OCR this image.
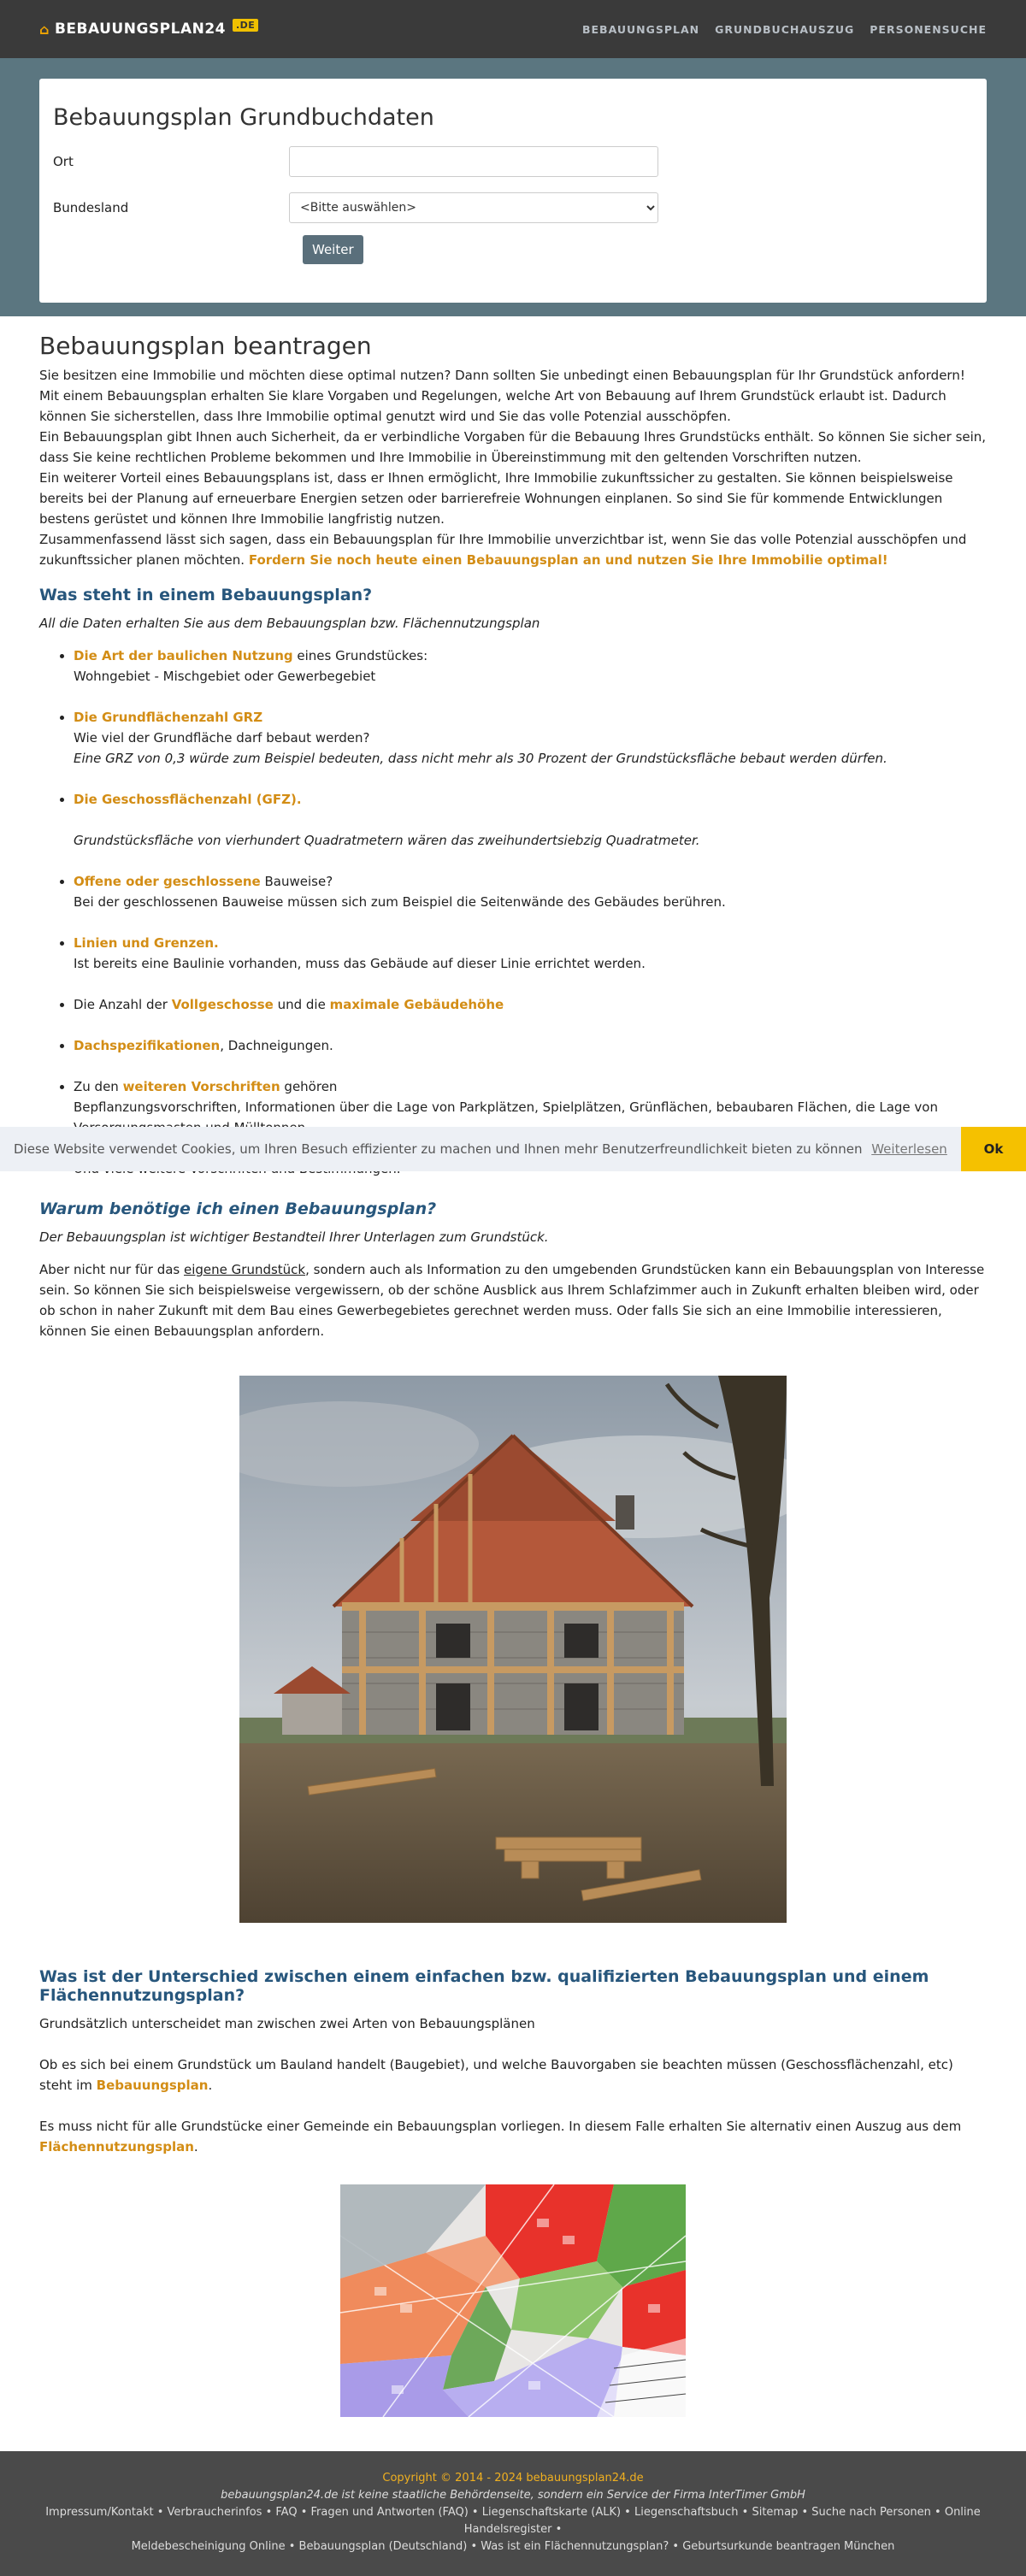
⌂ BEBAUUNGSPLAN24	.DE	BEBAUUNGSPLAN GRUNDBUCHAUSZUG PERSONENSUCHE
Bebauungsplan Grundbuchdaten
Ort
Bundesland
<Bitte auswählen>
Weiter
Bebauungsplan beantragen
Sie besitzen eine Immobilie und möchten diese optimal nutzen? Dann sollten Sie unbedingt einen Bebauungsplan für Ihr Grundstück anfordern! Mit einem Bebauungsplan erhalten Sie klare Vorgaben und Regelungen, welche Art von Bebauung auf Ihrem Grundstück erlaubt ist. Dadurch können Sie sicherstellen, dass Ihre Immobilie optimal genutzt wird und Sie das volle Potenzial ausschöpfen.
Ein Bebauungsplan gibt Ihnen auch Sicherheit, da er verbindliche Vorgaben für die Bebauung Ihres Grundstücks enthält. So können Sie sicher sein, dass Sie keine rechtlichen Probleme bekommen und Ihre Immobilie in Übereinstimmung mit den geltenden Vorschriften nutzen.
Ein weiterer Vorteil eines Bebauungsplans ist, dass er Ihnen ermöglicht, Ihre Immobilie zukunftssicher zu gestalten. Sie können beispielsweise bereits bei der Planung auf erneuerbare Energien setzen oder barrierefreie Wohnungen einplanen. So sind Sie für kommende Entwicklungen bestens gerüstet und können Ihre Immobilie langfristig nutzen.
Zusammenfassend lässt sich sagen, dass ein Bebauungsplan für Ihre Immobilie unverzichtbar ist, wenn Sie das volle Potenzial ausschöpfen und zukunftssicher planen möchten. Fordern Sie noch heute einen Bebauungsplan an und nutzen Sie Ihre Immobilie optimal!
Was steht in einem Bebauungsplan?
All die Daten erhalten Sie aus dem Bebauungsplan bzw. Flächennutzungsplan
• Die Art der baulichen Nutzung eines Grundstückes:
Wohngebiet - Mischgebiet oder Gewerbegebiet
• Die Grundflächenzahl GRZ
Wie viel der Grundfläche darf bebaut werden?
Eine GRZ von 0,3 würde zum Beispiel bedeuten, dass nicht mehr als 30 Prozent der Grundstücksfläche bebaut werden dürfen.
• Die Geschossflächenzahl (GFZ).

Grundstücksfläche von vierhundert Quadratmetern wären das zweihundertsiebzig Quadratmeter.
• Offene oder geschlossene Bauweise?
Bei der geschlossenen Bauweise müssen sich zum Beispiel die Seitenwände des Gebäudes berühren.
• Linien und Grenzen.
Ist bereits eine Baulinie vorhanden, muss das Gebäude auf dieser Linie errichtet werden.
• Die Anzahl der Vollgeschosse und die maximale Gebäudehöhe
• Dachspezifikationen, Dachneigungen.
• Zu den weiteren Vorschriften gehören
Bepflanzungsvorschriften, Informationen über die Lage von Parkplätzen, Spielplätzen, Grünflächen, bebaubaren Flächen, die Lage von

Warum benötige ich einen Bebauungsplan?
Der Bebauungsplan ist wichtiger Bestandteil Ihrer Unterlagen zum Grundstück.
Aber nicht nur für das eigene Grundstück, sondern auch als Information zu den umgebenden Grundstücken kann ein Bebauungsplan von Interesse sein. So können Sie sich beispielsweise vergewissern, ob der schöne Ausblick aus Ihrem Schlafzimmer auch in Zukunft erhalten bleiben wird, oder ob schon in naher Zukunft mit dem Bau eines Gewerbegebietes gerechnet werden muss. Oder falls Sie sich an eine Immobilie interessieren, können Sie einen Bebauungsplan anfordern.
Was ist der Unterschied zwischen einem einfachen bzw. qualifizierten Bebauungsplan und einem Flächennutzungsplan?
Grundsätzlich unterscheidet man zwischen zwei Arten von Bebauungsplänen
Ob es sich bei einem Grundstück um Bauland handelt (Baugebiet), und welche Bauvorgaben sie beachten müssen (Geschossflächenzahl, etc) steht im Bebauungsplan.
Es muss nicht für alle Grundstücke einer Gemeinde ein Bebauungsplan vorliegen. In diesem Falle erhalten Sie alternativ einen Auszug aus dem Flächennutzungsplan.
Diese Website verwendet Cookies, um Ihren Besuch effizienter zu machen und Ihnen mehr Benutzerfreundlichkeit bieten zu können Weiterlesen	Ok
Copyright © 2014 - 2024 bebauungsplan24.de
bebauungsplan24.de ist keine staatliche Behördenseite, sondern ein Service der Firma InterTimer GmbH
Impressum/Kontakt • Verbraucherinfos • FAQ • Fragen und Antworten (FAQ) • Liegenschaftskarte (ALK) • Liegenschaftsbuch • Sitemap • Suche nach Personen • Online Handelsregister •
Meldebescheinigung Online • Bebauungsplan (Deutschland) • Was ist ein Flächennutzungsplan? • Geburtsurkunde beantragen München
